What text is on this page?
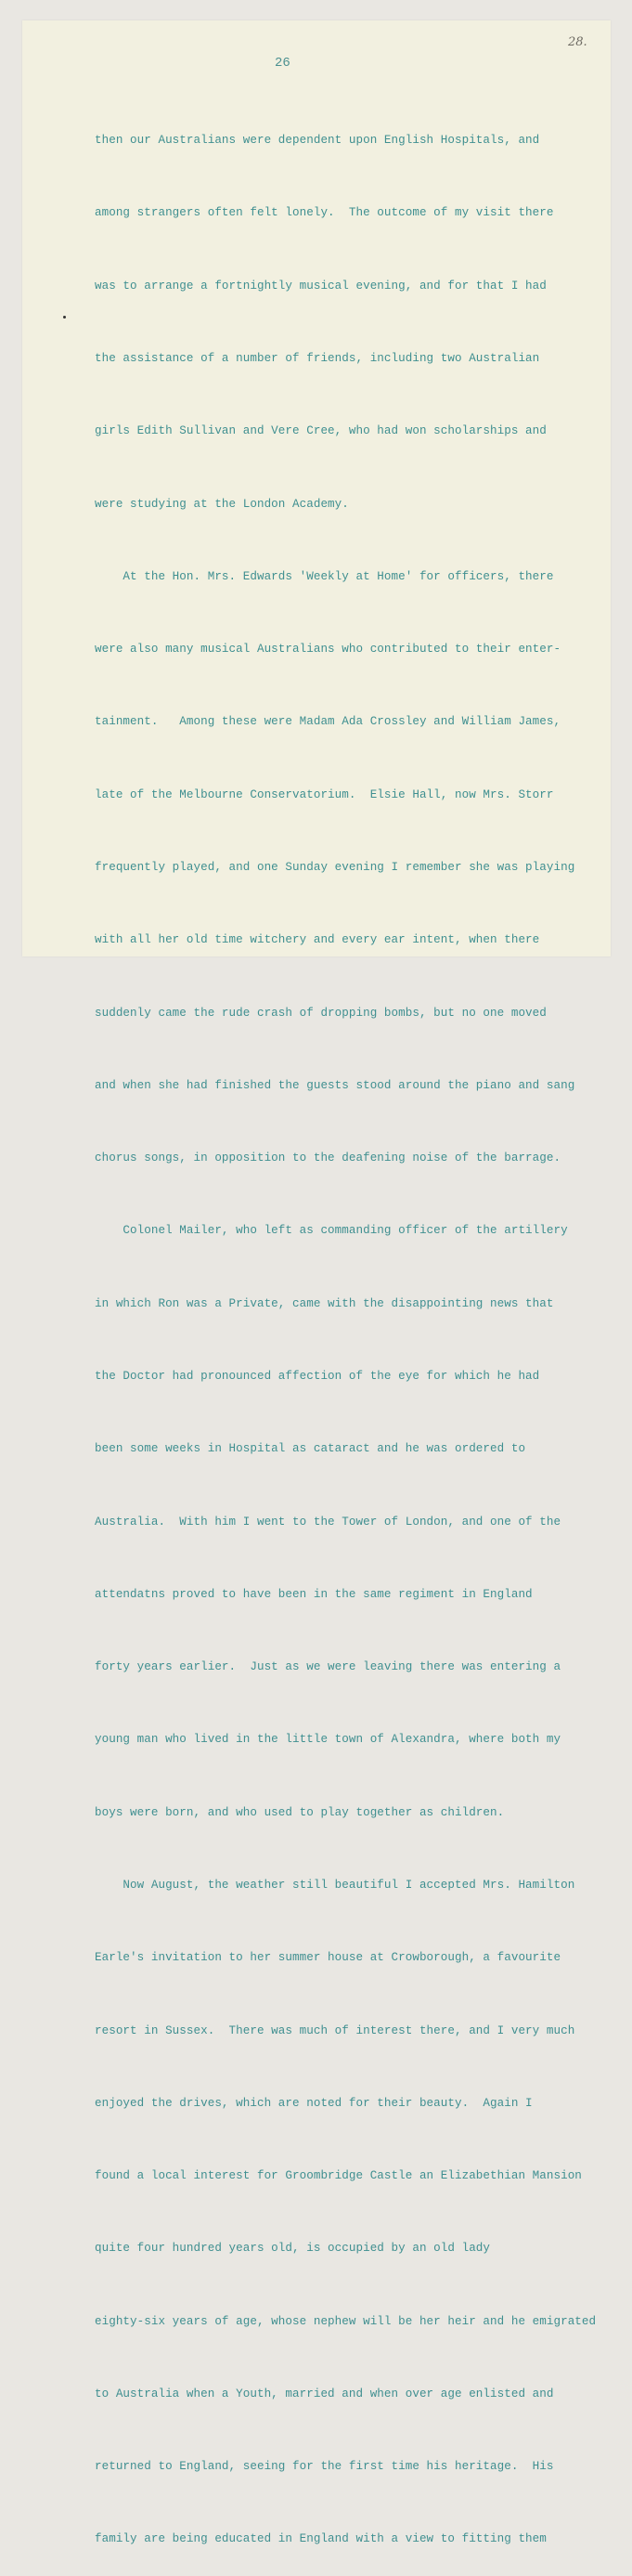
28.
26

then our Australians were dependent upon English Hospitals, and

among strangers often felt lonely.  The outcome of my visit there

was to arrange a fortnightly musical evening, and for that I had

the assistance of a number of friends, including two Australian

girls Edith Sullivan and Vere Cree, who had won scholarships and

were studying at the London Academy.

At the Hon. Mrs. Edwards 'Weekly at Home' for officers, there

were also many musical Australians who contributed to their enter-

tainment.   Among these were Madam Ada Crossley and William James,

late of the Melbourne Conservatorium.  Elsie Hall, now Mrs. Storr

frequently played, and one Sunday evening I remember she was playing

with all her old time witchery and every ear intent, when there

suddenly came the rude crash of dropping bombs, but no one moved

and when she had finished the guests stood around the piano and sang

chorus songs, in opposition to the deafening noise of the barrage.

Colonel Mailer, who left as commanding officer of the artillery

in which Ron was a Private, came with the disappointing news that

the Doctor had pronounced affection of the eye for which he had

been some weeks in Hospital as cataract and he was ordered to

Australia.  With him I went to the Tower of London, and one of the

attendatns proved to have been in the same regiment in England

forty years earlier.  Just as we were leaving there was entering a

young man who lived in the little town of Alexandra, where both my

boys were born, and who used to play together as children.

Now August, the weather still beautiful I accepted Mrs. Hamilton

Earle's invitation to her summer house at Crowborough, a favourite

resort in Sussex.  There was much of interest there, and I very much

enjoyed the drives, which are noted for their beauty.  Again I

found a local interest for Groombridge Castle an Elizabethian Mansion

quite four hundred years old, is occupied by an old lady

eighty-six years of age, whose nephew will be her heir and he emigrated

to Australia when a Youth, married and when over age enlisted and

returned to England, seeing for the first time his heritage.  His

family are being educated in England with a view to fitting them
